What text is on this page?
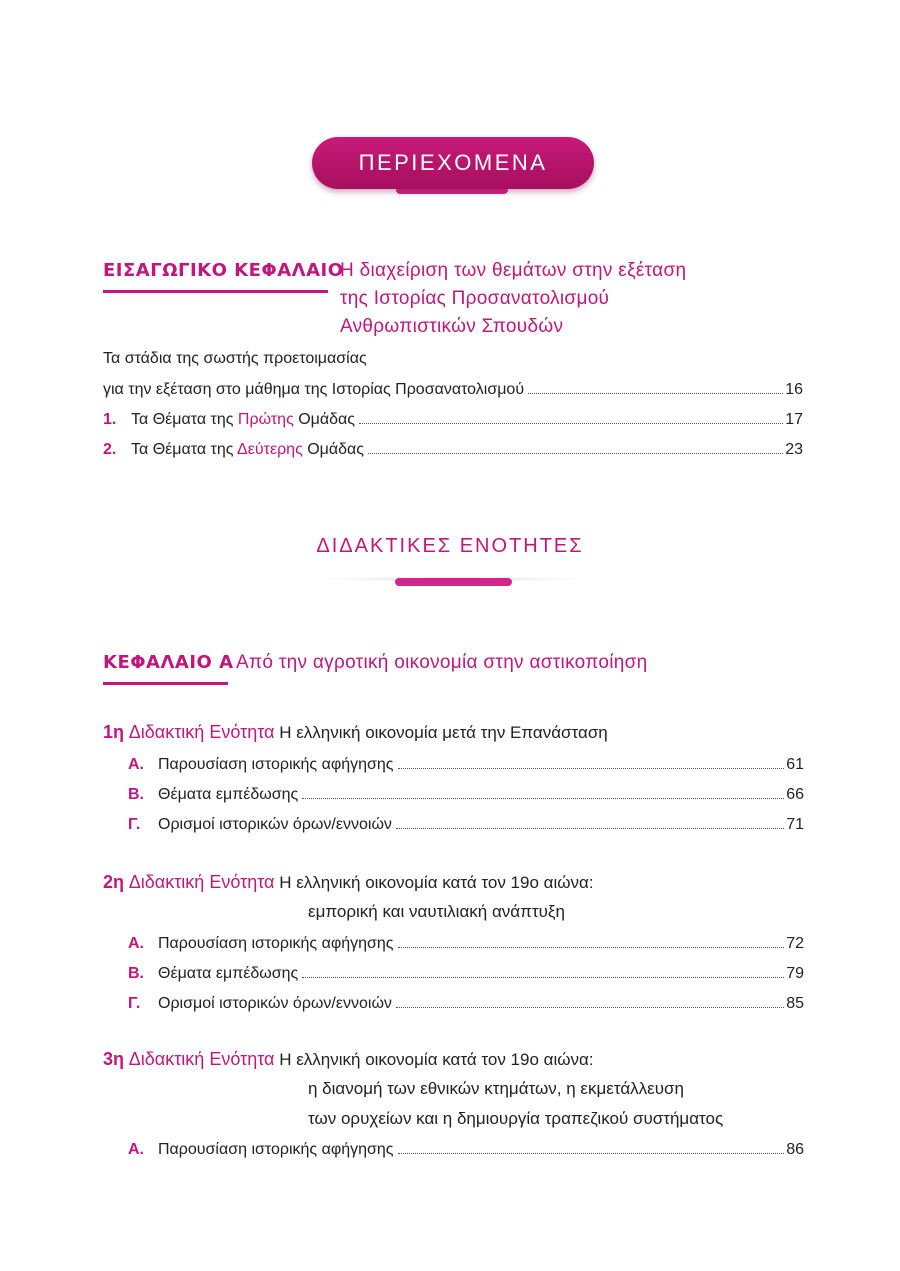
ΠΕΡΙΕΧΟΜΕΝΑ
ΕΙΣΑΓΩΓΙΚΟ ΚΕΦΑΛΑΙΟ
Η διαχείριση των θεμάτων στην εξέταση
της Ιστορίας Προσανατολισμού
Ανθρωπιστικών Σπουδών
Τα στάδια της σωστής προετοιμασίας
για την εξέταση στο μάθημα της Ιστορίας Προσανατολισμού	16
1. Τα Θέματα της Πρώτης Ομάδας	17
2. Τα Θέματα της Δεύτερης Ομάδας	23
ΔΙΔΑΚΤΙΚΕΣ ΕΝΟΤΗΤΕΣ
ΚΕΦΑΛΑΙΟ Α Από την αγροτική οικονομία στην αστικοποίηση
1η Διδακτική Ενότητα Η ελληνική οικονομία μετά την Επανάσταση
Α. Παρουσίαση ιστορικής αφήγησης	61
Β. Θέματα εμπέδωσης	66
Γ. Ορισμοί ιστορικών όρων/εννοιών	71
2η Διδακτική Ενότητα Η ελληνική οικονομία κατά τον 19ο αιώνα:
εμπορική και ναυτιλιακή ανάπτυξη
Α. Παρουσίαση ιστορικής αφήγησης	72
Β. Θέματα εμπέδωσης	79
Γ. Ορισμοί ιστορικών όρων/εννοιών	85
3η Διδακτική Ενότητα Η ελληνική οικονομία κατά τον 19ο αιώνα:
η διανομή των εθνικών κτημάτων, η εκμετάλλευση
των ορυχείων και η δημιουργία τραπεζικού συστήματος
Α. Παρουσίαση ιστορικής αφήγησης	86
